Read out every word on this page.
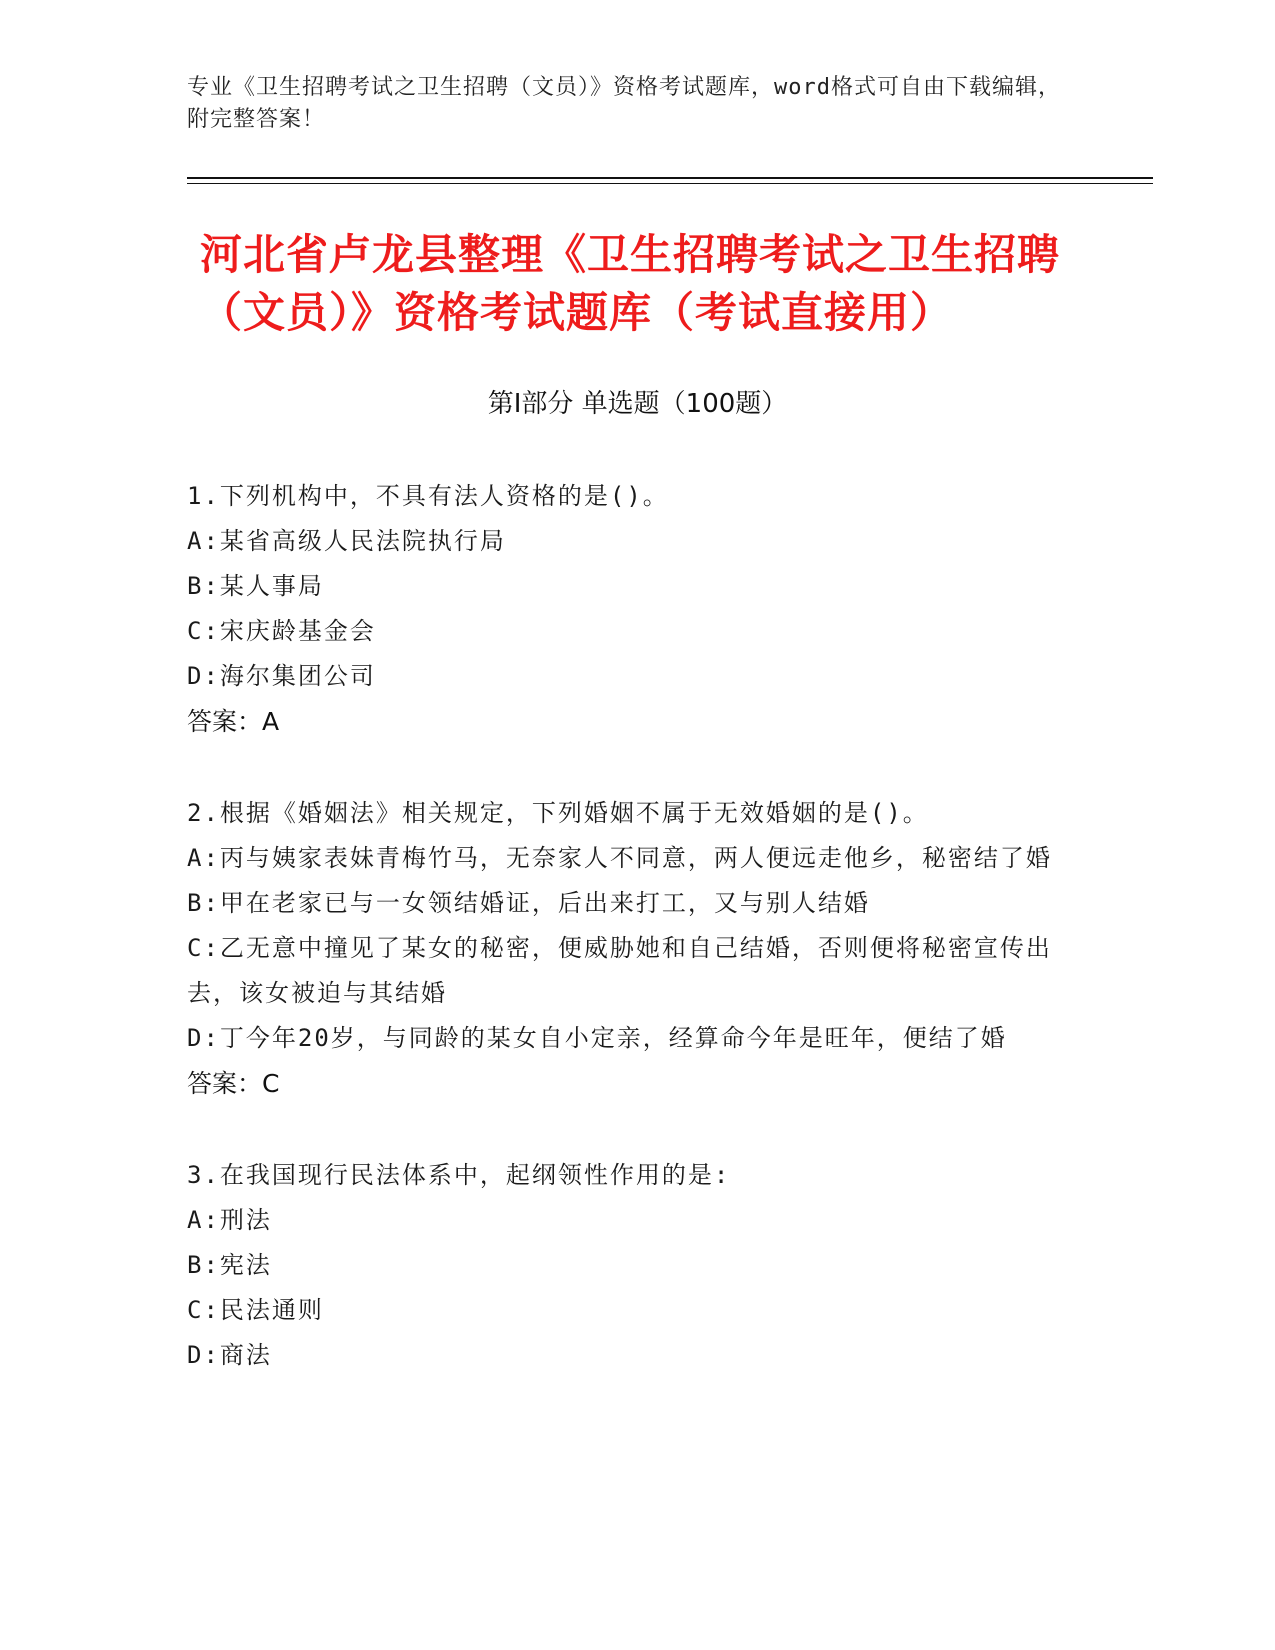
专业《卫生招聘考试之卫生招聘（文员）》资格考试题库，word格式可自由下载编辑，附完整答案！
河北省卢龙县整理《卫生招聘考试之卫生招聘（文员）》资格考试题库（考试直接用）
第Ⅰ部分 单选题（100题）
1.下列机构中，不具有法人资格的是()。
A:某省高级人民法院执行局
B:某人事局
C:宋庆龄基金会
D:海尔集团公司
答案：A
2.根据《婚姻法》相关规定，下列婚姻不属于无效婚姻的是()。
A:丙与姨家表妹青梅竹马，无奈家人不同意，两人便远走他乡，秘密结了婚
B:甲在老家已与一女领结婚证，后出来打工，又与别人结婚
C:乙无意中撞见了某女的秘密，便威胁她和自己结婚，否则便将秘密宣传出去，该女被迫与其结婚
D:丁今年20岁，与同龄的某女自小定亲，经算命今年是旺年，便结了婚
答案：C
3.在我国现行民法体系中，起纲领性作用的是:
A:刑法
B:宪法
C:民法通则
D:商法
